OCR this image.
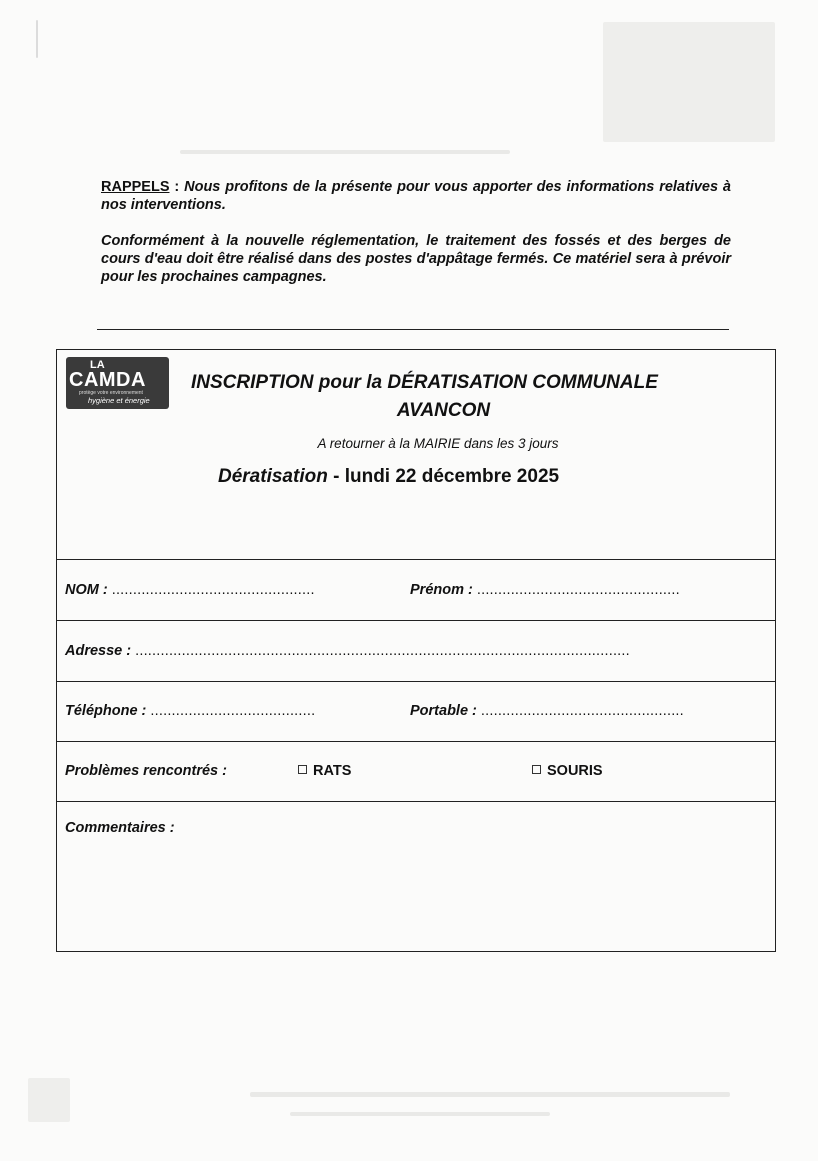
RAPPELS : Nous profitons de la présente pour vous apporter des informations relatives à nos interventions.

Conformément à la nouvelle réglementation, le traitement des fossés et des berges de cours d'eau doit être réalisé dans des postes d'appâtage fermés. Ce matériel sera à prévoir pour les prochaines campagnes.

LA
CAMDA
protège votre environnement
hygiène et énergie
INSCRIPTION pour la DÉRATISATION COMMUNALE
AVANCON
A retourner à la MAIRIE dans les 3 jours
Dératisation - lundi 22 décembre 2025
NOM : ................................................	Prénom : ................................................
Adresse : .....................................................................................................................
Téléphone : .......................................	Portable : ................................................
Problèmes rencontrés :	RATS	SOURIS
Commentaires :
